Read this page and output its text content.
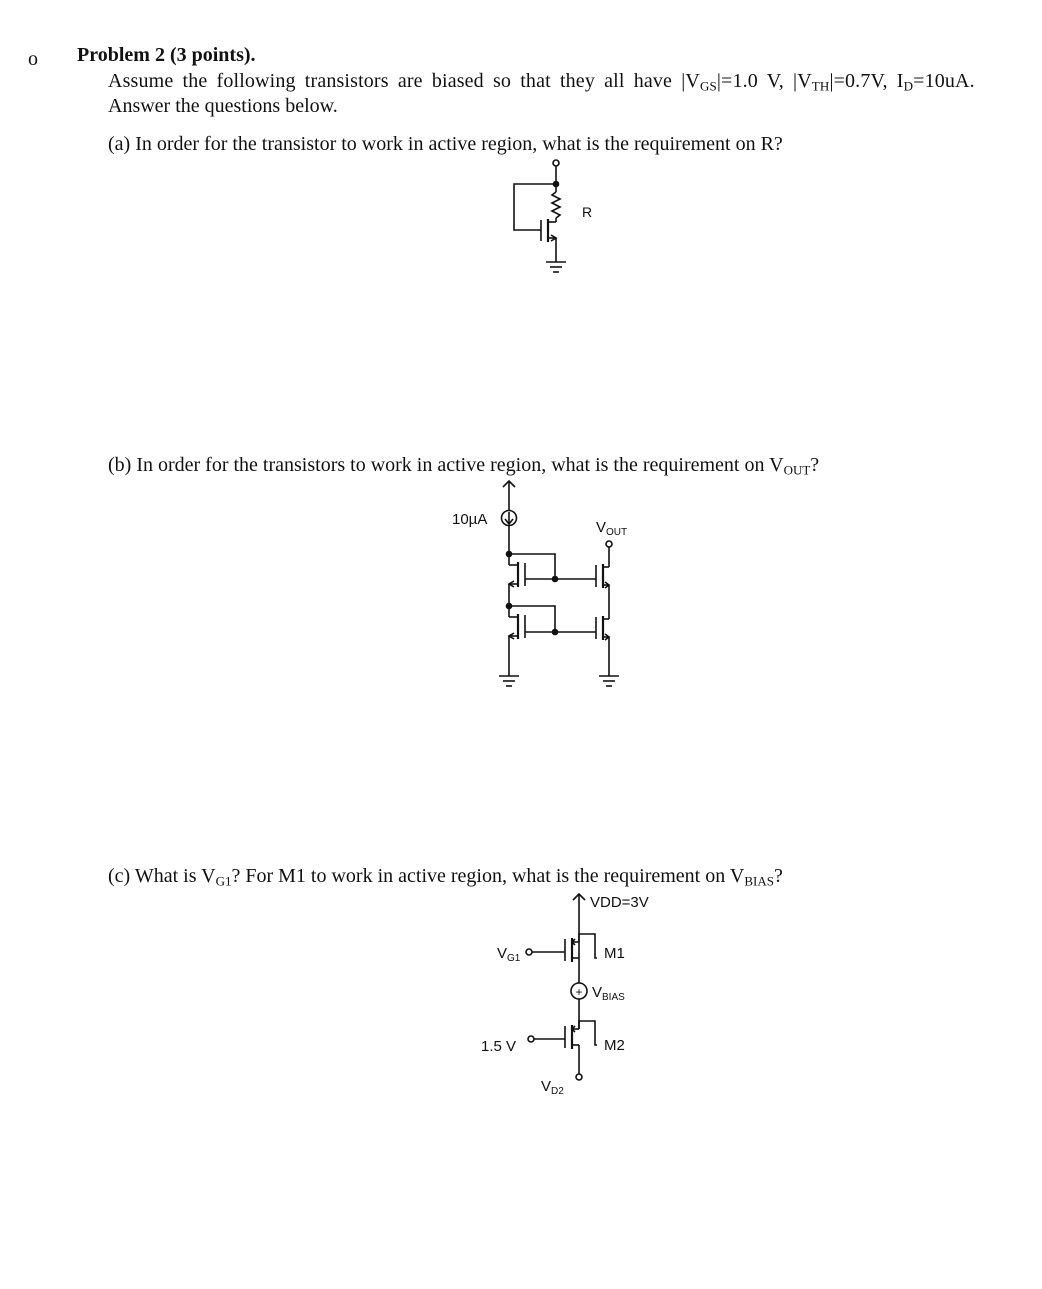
o Problem 2 (3 points).
Assume the following transistors are biased so that they all have $|V_{GS}|=1.0$ V, $|V_{TH}|=0.7V$, $I_D=10uA$.
Answer the questions below.
(a) In order for the transistor to work in active region, what is the requirement on R?
(b) In order for the transistors to work in active region, what is the requirement on $V_{OUT}$?
(c) What is $V_{G1}$? For M1 to work in active region, what is the requirement on $V_{BIAS}$?
R
10µA	$V_{OUT}$
+
VDD=3V
$V_{G1}$	M1
$V_{BIAS}$
1.5 V	M2
$V_{D2}$
